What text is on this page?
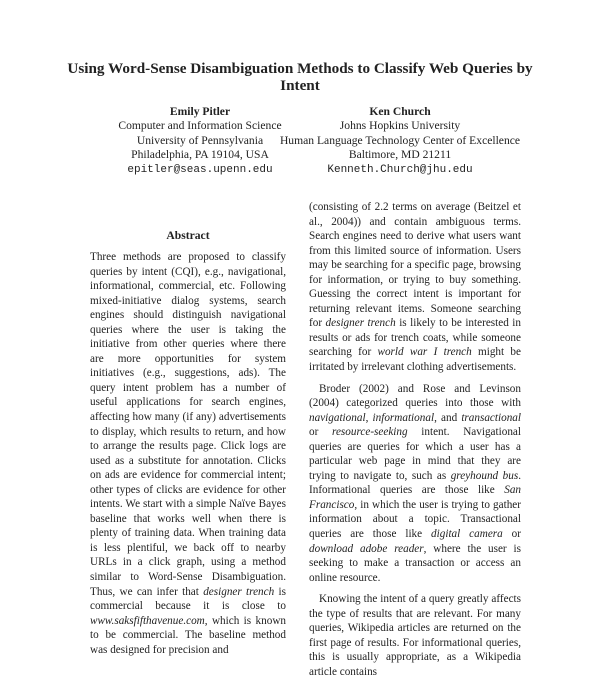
Using Word-Sense Disambiguation Methods to Classify Web Queries by Intent
Emily Pitler
Computer and Information Science
University of Pennsylvania
Philadelphia, PA 19104, USA
epitler@seas.upenn.edu
Ken Church
Johns Hopkins University
Human Language Technology Center of Excellence
Baltimore, MD 21211
Kenneth.Church@jhu.edu
Abstract

Three methods are proposed to classify queries by intent (CQI), e.g., navigational, informational, commercial, etc. Following mixed-initiative dialog systems, search engines should distinguish navigational queries where the user is taking the initiative from other queries where there are more opportunities for system initiatives (e.g., suggestions, ads). The query intent problem has a number of useful applications for search engines, affecting how many (if any) advertisements to display, which results to return, and how to arrange the results page. Click logs are used as a substitute for annotation. Clicks on ads are evidence for commercial intent; other types of clicks are evidence for other intents. We start with a simple Naïve Bayes baseline that works well when there is plenty of training data. When training data is less plentiful, we back off to nearby URLs in a click graph, using a method similar to Word-Sense Disambiguation. Thus, we can infer that designer trench is commercial because it is close to www.saksfifthavenue.com, which is known to be commercial. The baseline method was designed for precision and

(consisting of 2.2 terms on average (Beitzel et al., 2004)) and contain ambiguous terms. Search engines need to derive what users want from this limited source of information. Users may be searching for a specific page, browsing for information, or trying to buy something. Guessing the correct intent is important for returning relevant items. Someone searching for designer trench is likely to be interested in results or ads for trench coats, while someone searching for world war I trench might be irritated by irrelevant clothing advertisements.

Broder (2002) and Rose and Levinson (2004) categorized queries into those with navigational, informational, and transactional or resource-seeking intent. Navigational queries are queries for which a user has a particular web page in mind that they are trying to navigate to, such as greyhound bus. Informational queries are those like San Francisco, in which the user is trying to gather information about a topic. Transactional queries are those like digital camera or download adobe reader, where the user is seeking to make a transaction or access an online resource.

Knowing the intent of a query greatly affects the type of results that are relevant. For many queries, Wikipedia articles are returned on the first page of results. For informational queries, this is usually appropriate, as a Wikipedia article contains
